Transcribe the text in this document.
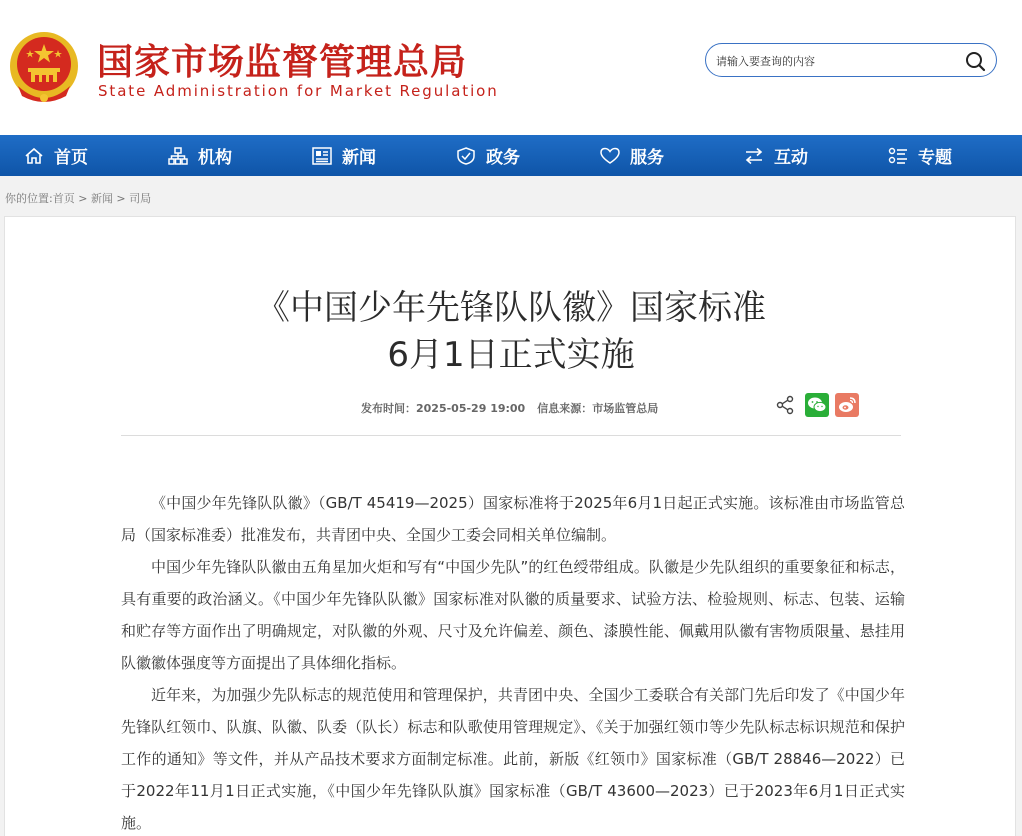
国家市场监督管理总局
State Administration for Market Regulation
请输入要查询的内容
首页	机构	新闻	政务	服务	互动	专题
你的位置:首页 > 新闻 > 司局
《中国少年先锋队队徽》国家标准
6月1日正式实施
发布时间：2025-05-29 19:00 信息来源：市场监管总局

《中国少年先锋队队徽》（GB/T 45419—2025）国家标准将于2025年6月1日起正式实施。该标准由市场监管总局（国家标准委）批准发布，共青团中央、全国少工委会同相关单位编制。

中国少年先锋队队徽由五角星加火炬和写有“中国少先队”的红色绶带组成。队徽是少先队组织的重要象征和标志，具有重要的政治涵义。《中国少年先锋队队徽》国家标准对队徽的质量要求、试验方法、检验规则、标志、包装、运输和贮存等方面作出了明确规定，对队徽的外观、尺寸及允许偏差、颜色、漆膜性能、佩戴用队徽有害物质限量、悬挂用队徽徽体强度等方面提出了具体细化指标。

近年来，为加强少先队标志的规范使用和管理保护，共青团中央、全国少工委联合有关部门先后印发了《中国少年先锋队红领巾、队旗、队徽、队委（队长）标志和队歌使用管理规定》、《关于加强红领巾等少先队标志标识规范和保护工作的通知》等文件，并从产品技术要求方面制定标准。此前，新版《红领巾》国家标准（GB/T 28846—2022）已于2022年11月1日正式实施，《中国少年先锋队队旗》国家标准（GB/T 43600—2023）已于2023年6月1日正式实施。
